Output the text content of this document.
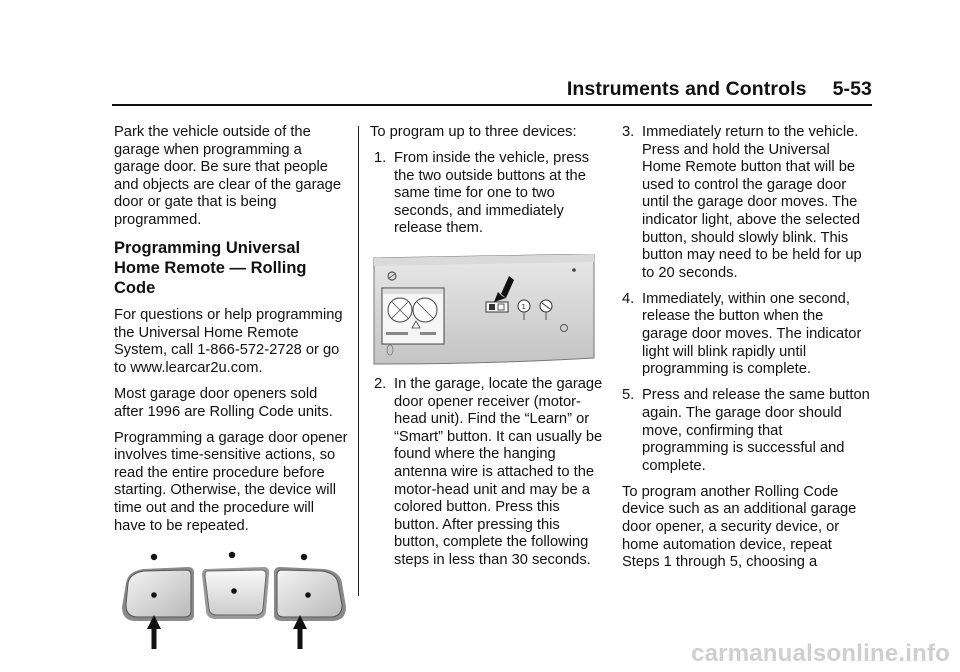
Instruments and Controls 5-53

Park the vehicle outside of the garage when programming a garage door. Be sure that people and objects are clear of the garage door or gate that is being programmed.

Programming Universal Home Remote — Rolling Code

For questions or help programming the Universal Home Remote System, call 1-866-572-2728 or go to www.learcar2u.com.

Most garage door openers sold after 1996 are Rolling Code units.

Programming a garage door opener involves time-sensitive actions, so read the entire procedure before starting. Otherwise, the device will time out and the procedure will have to be repeated.

To program up to three devices:

1. From inside the vehicle, press the two outside buttons at the same time for one to two seconds, and immediately release them.
1
2. In the garage, locate the garage door opener receiver (motor-head unit). Find the “Learn” or “Smart” button. It can usually be found where the hanging antenna wire is attached to the motor-head unit and may be a colored button. Press this button. After pressing this button, complete the following steps in less than 30 seconds.
3. Immediately return to the vehicle. Press and hold the Universal Home Remote button that will be used to control the garage door until the garage door moves. The indicator light, above the selected button, should slowly blink. This button may need to be held for up to 20 seconds.
4. Immediately, within one second, release the button when the garage door moves. The indicator light will blink rapidly until programming is complete.
5. Press and release the same button again. The garage door should move, confirming that programming is successful and complete.

To program another Rolling Code device such as an additional garage door opener, a security device, or home automation device, repeat Steps 1 through 5, choosing a

carmanualsonline.info
